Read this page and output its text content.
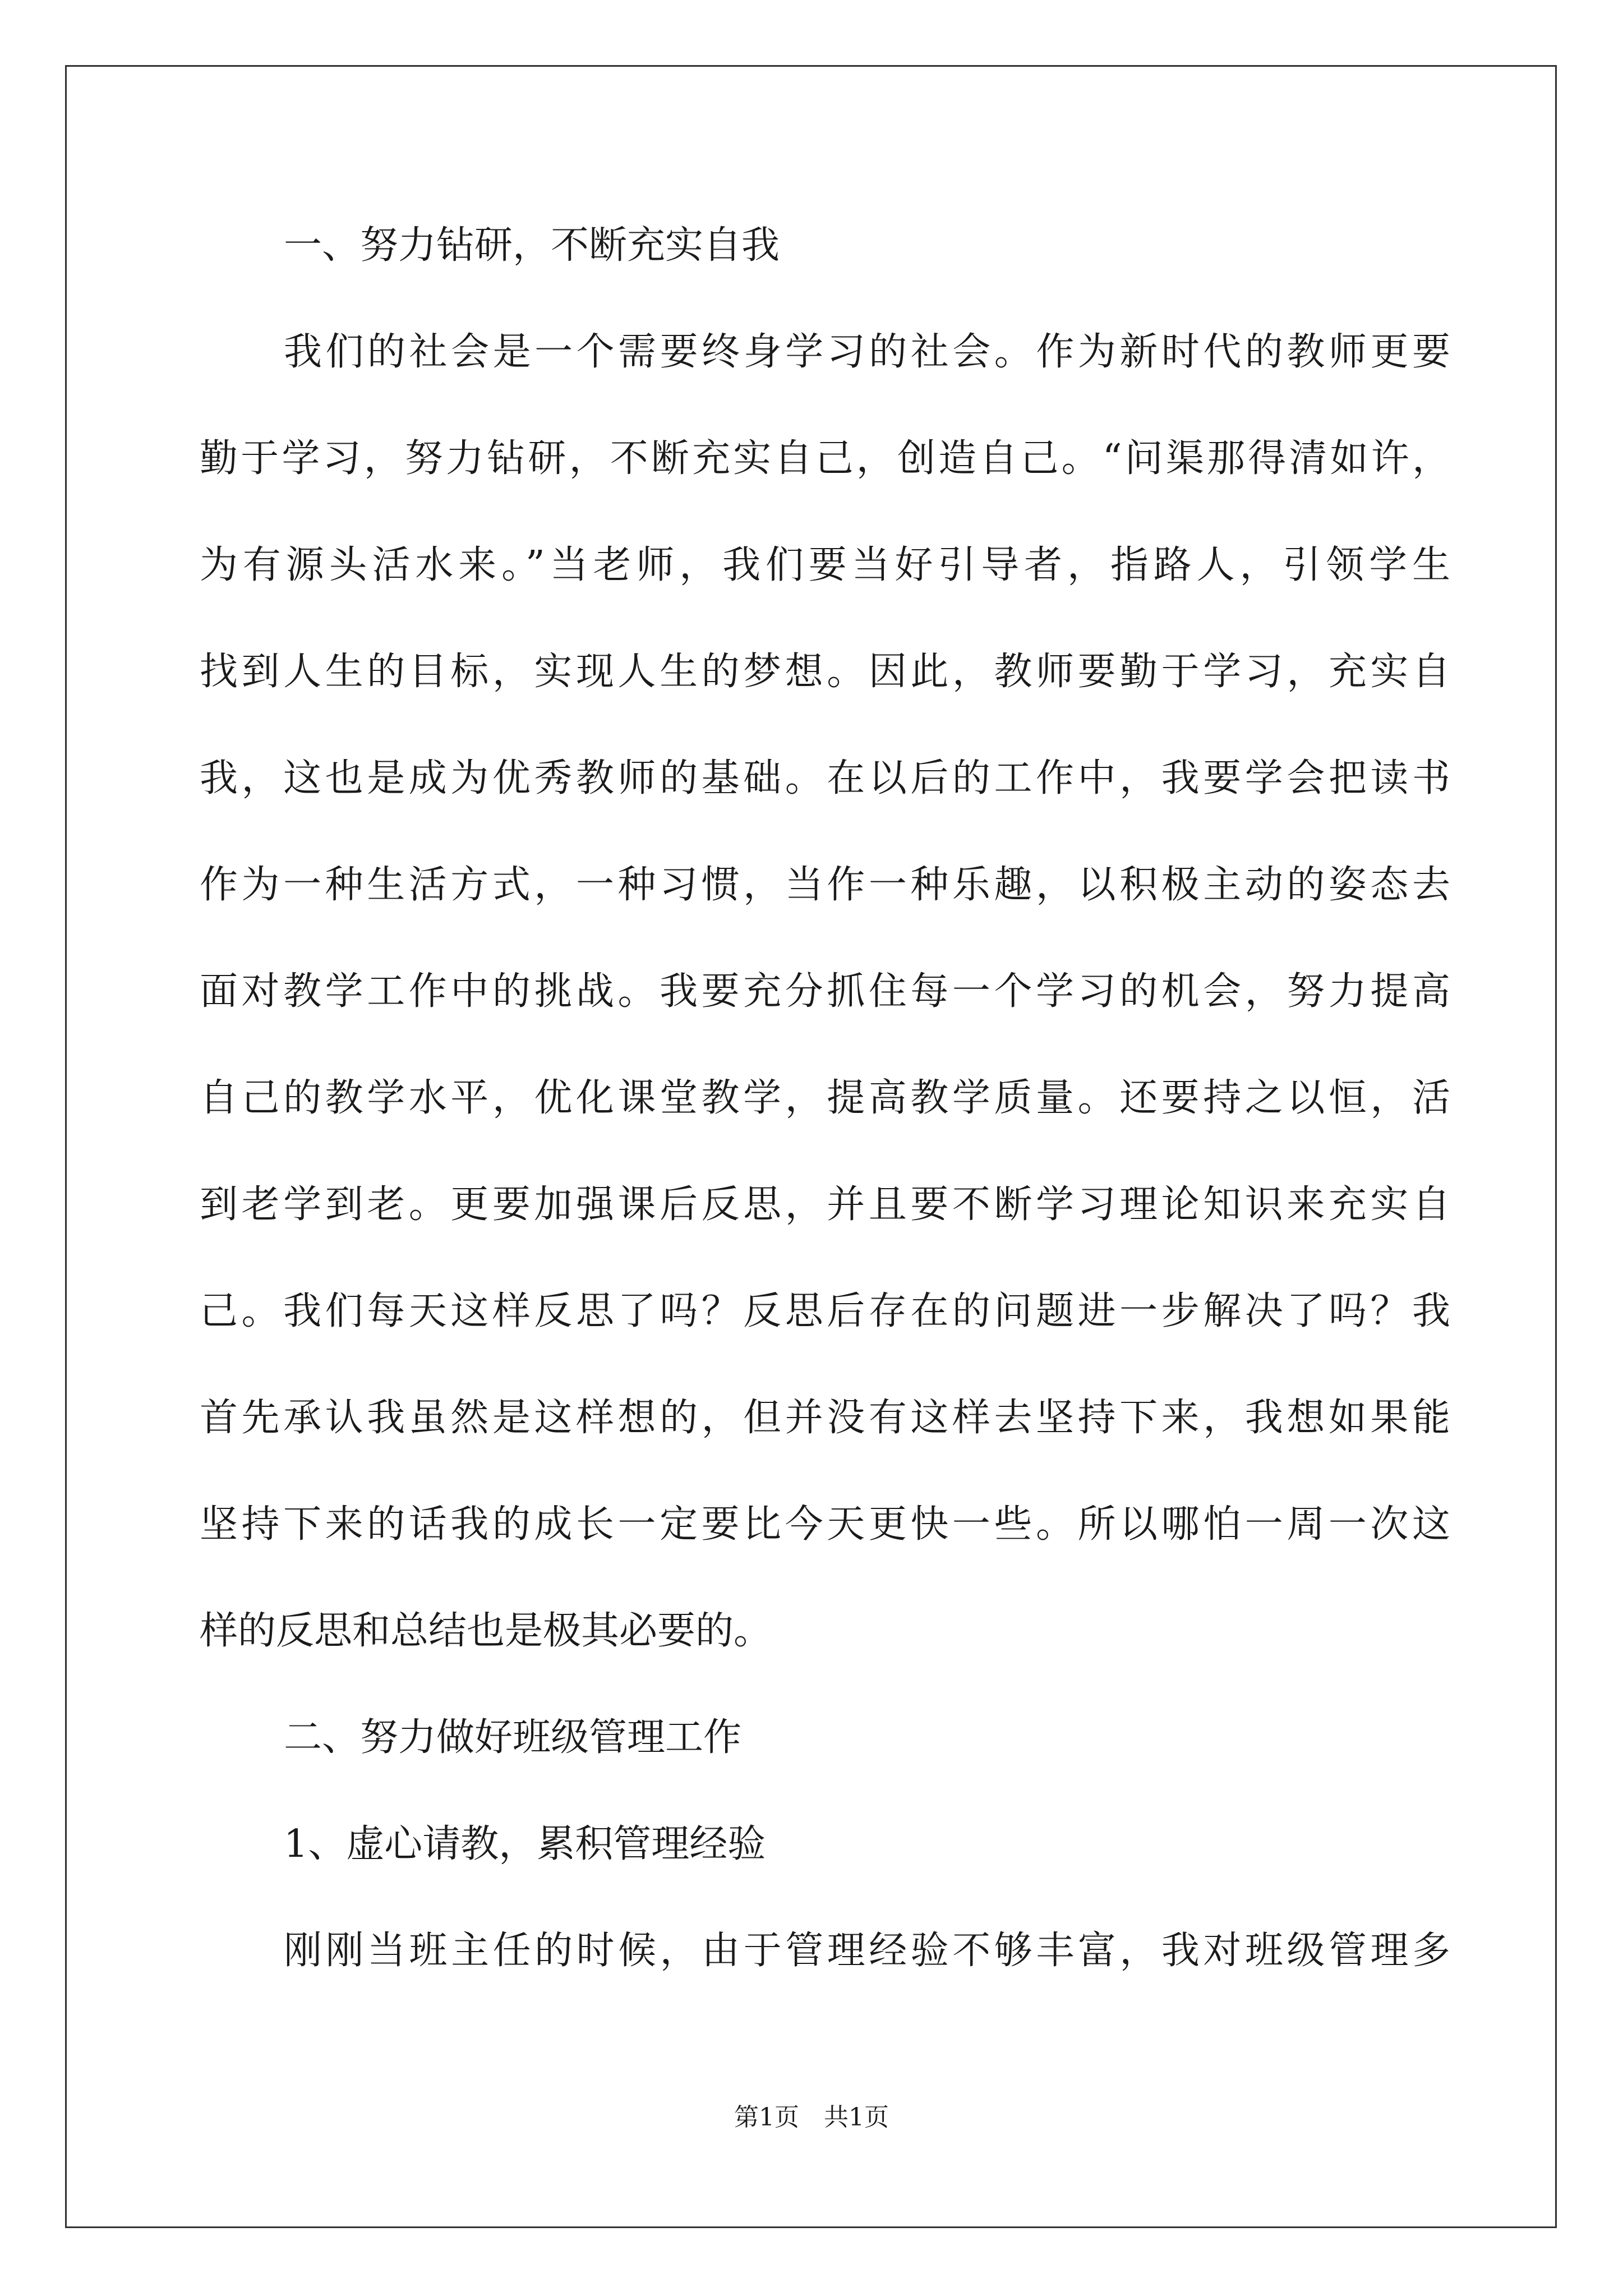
一、努力钻研，不断充实自我
我们的社会是一个需要终身学习的社会。作为新时代的教师更要
勤于学习，努力钻研，不断充实自己，创造自己。“问渠那得清如许，
为有源头活水来。”当老师，我们要当好引导者，指路人，引领学生
找到人生的目标，实现人生的梦想。因此，教师要勤于学习，充实自
我，这也是成为优秀教师的基础。在以后的工作中，我要学会把读书
作为一种生活方式，一种习惯，当作一种乐趣，以积极主动的姿态去
面对教学工作中的挑战。我要充分抓住每一个学习的机会，努力提高
自己的教学水平，优化课堂教学，提高教学质量。还要持之以恒，活
到老学到老。更要加强课后反思，并且要不断学习理论知识来充实自
己。我们每天这样反思了吗？反思后存在的问题进一步解决了吗？我
首先承认我虽然是这样想的，但并没有这样去坚持下来，我想如果能
坚持下来的话我的成长一定要比今天更快一些。所以哪怕一周一次这
样的反思和总结也是极其必要的。
二、努力做好班级管理工作
1、虚心请教，累积管理经验
刚刚当班主任的时候，由于管理经验不够丰富，我对班级管理多
第1页　共1页
